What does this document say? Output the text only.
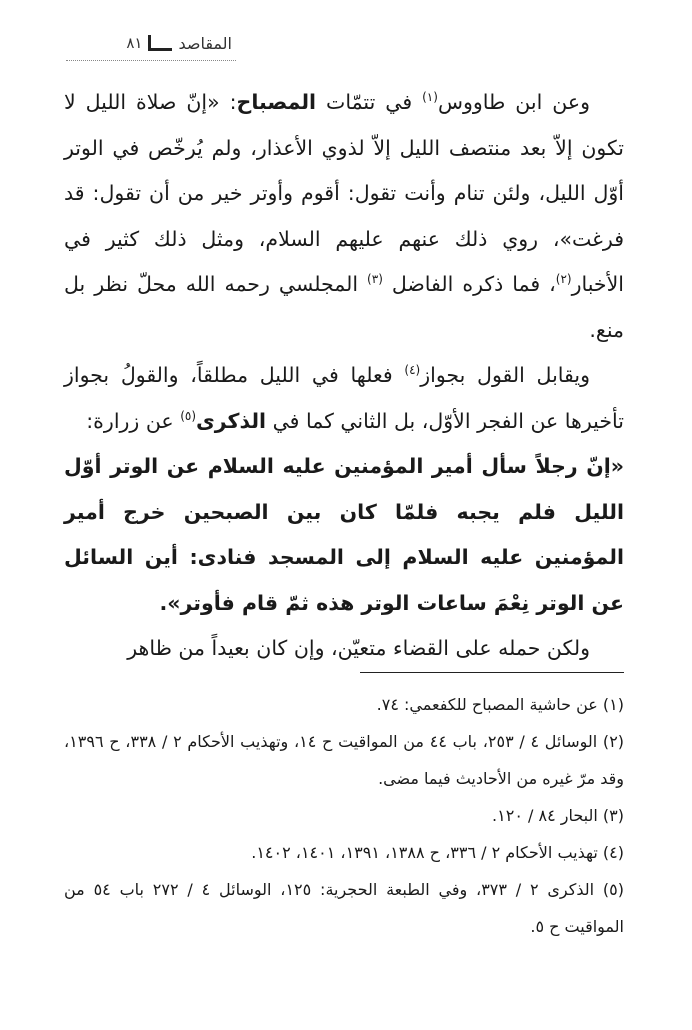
المقاصد
٨١

وعن ابن طاووس$^{(١)}$ في تتمّات المصباح: «إنّ صلاة الليل لا تكون إلاّ بعد منتصف الليل إلاّ لذوي الأعذار، ولم يُرخّص في الوتر أوّل الليل، ولئن تنام وأنت تقول: أقوم وأوتر خير من أن تقول: قد فرغت»، روي ذلك عنهم عليهم السلام، ومثل ذلك كثير في الأخبار$^{(٢)}$، فما ذكره الفاضل $^{(٣)}$ المجلسي رحمه الله محلّ نظر بل منع.

ويقابل القول بجواز$^{(٤)}$ فعلها في الليل مطلقاً، والقولُ بجواز تأخيرها عن الفجر الأوّل، بل الثاني كما في الذكرى$^{(٥)}$ عن زرارة:

«إنّ رجلاً سأل أمير المؤمنين عليه السلام عن الوتر أوّل الليل فلم يجبه فلمّا كان بين الصبحين خرج أمير المؤمنين عليه السلام إلى المسجد فنادى: أين السائل عن الوتر نِعْمَ ساعات الوتر هذه ثمّ قام فأوتر».

ولكن حمله على القضاء متعيّن، وإن كان بعيداً من ظاهر

(١) عن حاشية المصباح للكفعمي: ٧٤.

(٢) الوسائل ٤ / ٢٥٣، باب ٤٤ من المواقيت ح ١٤، وتهذيب الأحكام ٢ / ٣٣٨، ح ١٣٩٦، وقد مرّ غيره من الأحاديث فيما مضى.

(٣) البحار ٨٤ / ١٢٠.

(٤) تهذيب الأحكام ٢ / ٣٣٦، ح ١٣٨٨، ١٣٩١، ١٤٠١، ١٤٠٢.

(٥) الذكرى ٢ / ٣٧٣، وفي الطبعة الحجرية: ١٢٥، الوسائل ٤ / ٢٧٢ باب ٥٤ من المواقيت ح ٥.
